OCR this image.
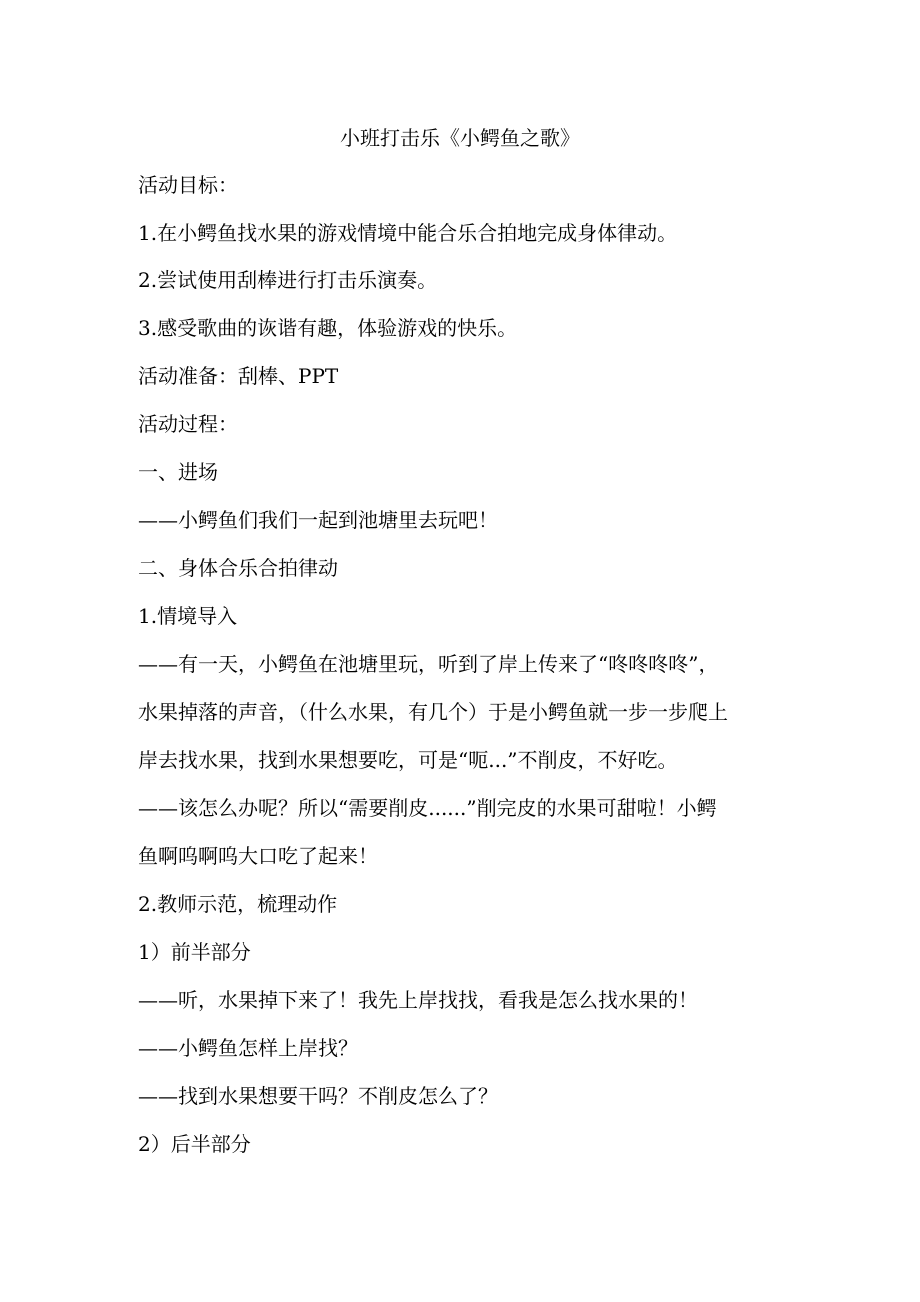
小班打击乐《小鳄鱼之歌》
活动目标：
1.在小鳄鱼找水果的游戏情境中能合乐合拍地完成身体律动。
2.尝试使用刮棒进行打击乐演奏。
3.感受歌曲的诙谐有趣，体验游戏的快乐。
活动准备：刮棒、PPT
活动过程：
一、进场
——小鳄鱼们我们一起到池塘里去玩吧！
二、身体合乐合拍律动
1.情境导入
——有一天，小鳄鱼在池塘里玩，听到了岸上传来了“咚咚咚咚”，
水果掉落的声音，（什么水果，有几个）于是小鳄鱼就一步一步爬上
岸去找水果，找到水果想要吃，可是“呃...”不削皮，不好吃。
——该怎么办呢？所以“需要削皮......”削完皮的水果可甜啦！小鳄
鱼啊呜啊呜大口吃了起来！
2.教师示范，梳理动作
1）前半部分
——听，水果掉下来了！我先上岸找找，看我是怎么找水果的！
——小鳄鱼怎样上岸找？
——找到水果想要干吗？不削皮怎么了？
2）后半部分
